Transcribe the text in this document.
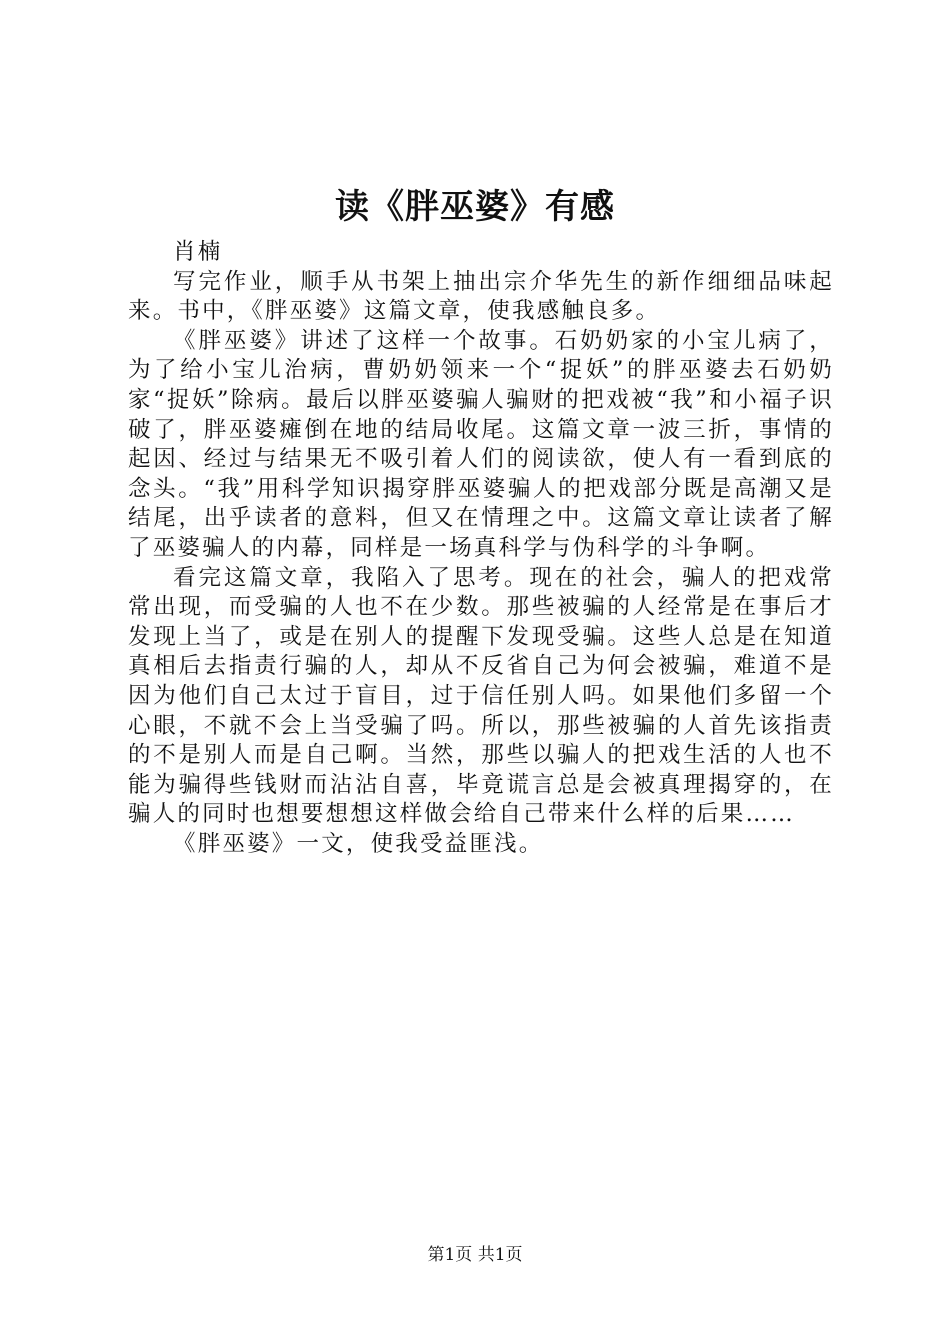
读《胖巫婆》有感
肖楠

写完作业，顺手从书架上抽出宗介华先生的新作细细品味起来。书中，《胖巫婆》这篇文章，使我感触良多。

《胖巫婆》讲述了这样一个故事。石奶奶家的小宝儿病了，为了给小宝儿治病，曹奶奶领来一个“捉妖”的胖巫婆去石奶奶家“捉妖”除病。最后以胖巫婆骗人骗财的把戏被“我”和小福子识破了，胖巫婆瘫倒在地的结局收尾。这篇文章一波三折，事情的起因、经过与结果无不吸引着人们的阅读欲，使人有一看到底的念头。“我”用科学知识揭穿胖巫婆骗人的把戏部分既是高潮又是结尾，出乎读者的意料，但又在情理之中。这篇文章让读者了解了巫婆骗人的内幕，同样是一场真科学与伪科学的斗争啊。

看完这篇文章，我陷入了思考。现在的社会，骗人的把戏常常出现，而受骗的人也不在少数。那些被骗的人经常是在事后才发现上当了，或是在别人的提醒下发现受骗。这些人总是在知道真相后去指责行骗的人，却从不反省自己为何会被骗，难道不是因为他们自己太过于盲目，过于信任别人吗。如果他们多留一个心眼，不就不会上当受骗了吗。所以，那些被骗的人首先该指责的不是别人而是自己啊。当然，那些以骗人的把戏生活的人也不能为骗得些钱财而沾沾自喜，毕竟谎言总是会被真理揭穿的，在骗人的同时也想要想想这样做会给自己带来什么样的后果……

《胖巫婆》一文，使我受益匪浅。

第1页 共1页
